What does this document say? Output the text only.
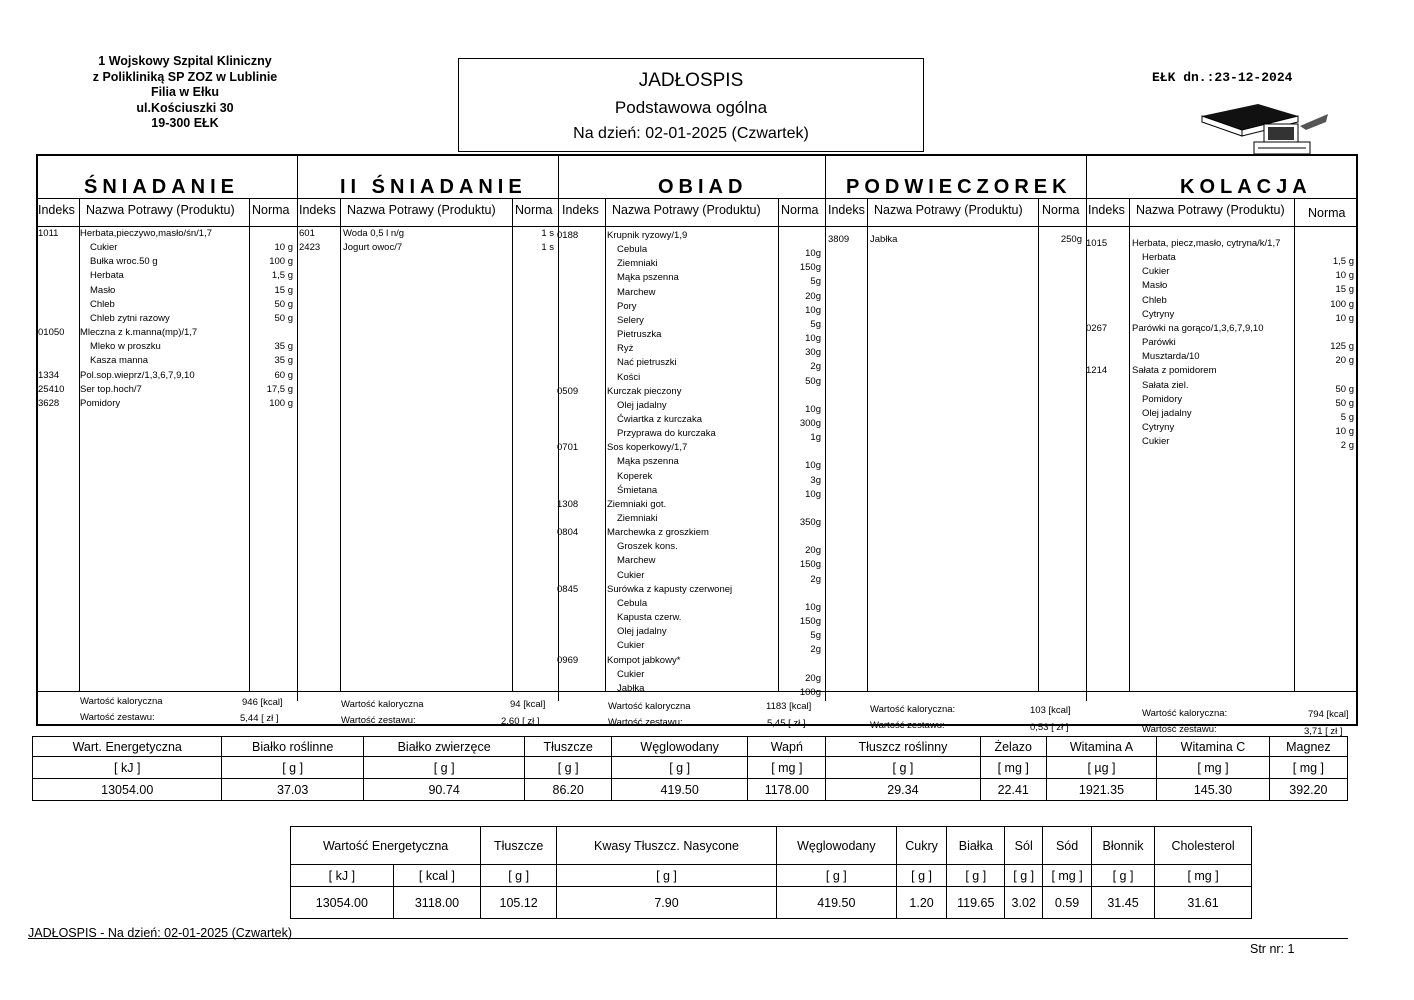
1 Wojskowy Szpital Kliniczny
z Polikliniką SP ZOZ w Lublinie
Filia w Ełku
ul.Kościuszki 30
19-300 EŁK
JADŁOSPIS
Podstawowa ogólna
Na dzień: 02-01-2025 (Czwartek)
EŁK dn.:23-12-2024
ŚNIADANIE
Indeks Nazwa Potrawy (Produktu) Norma
1011 Herbata,pieczywo,masło/śn/1,7
Cukier	10 g
Bułka wroc.50 g	100 g
Herbata	1,5 g
Masło	15 g
Chleb	50 g
Chleb zytni razowy	50 g
01050 Mleczna z k.manna(mp)/1,7
Mleko w proszku	35 g
Kasza manna	35 g
1334 Pol.sop.wieprz/1,3,6,7,9,10	60 g
25410 Ser top.hoch/7	17,5 g
3628 Pomidory	100 g
Wartość kaloryczna	946 [kcal]
Wartość zestawu:	5,44 [ zł ]
II ŚNIADANIE
Indeks Nazwa Potrawy (Produktu) Norma
601	Woda 0,5 l n/g	1 s
2423 Jogurt owoc/7	1 s
Wartość kaloryczna	94 [kcal]
Wartość zestawu:	2,60 [ zł ]
OBIAD
Indeks Nazwa Potrawy (Produktu) Norma
0188	Krupnik ryzowy/1,9
Cebula	10g
Ziemniaki	150g
Mąka pszenna	5g
Marchew	20g
Pory	10g
Selery	5g
Pietruszka	10g
Ryż	30g
Nać pietruszki	2g
Kości	50g
0509	Kurczak pieczony
Olej jadalny	10g
Ćwiartka z kurczaka	300g
Przyprawa do kurczaka	1g
0701	Sos koperkowy/1,7
Mąka pszenna	10g
Koperek	3g
Śmietana	10g
1308	Ziemniaki got.
Ziemniaki	350g
0804	Marchewka z groszkiem
Groszek kons.	20g
Marchew	150g
Cukier	2g
0845	Surówka z kapusty czerwonej
Cebula	10g
Kapusta czerw.	150g
Olej jadalny	5g
Cukier	2g
0969	Kompot jabkowy*
Cukier	20g
Jabłka	100g
Wartość kaloryczna	1183 [kcal]
Wartość zestawu:	5,45 [ zł ]
PODWIECZOREK
Indeks Nazwa Potrawy (Produktu) Norma
3809 Jabłka	250g
Wartość kaloryczna:	103 [kcal]
Wartość zestawu:	0,53 [ zł ]
KOLACJA
Indeks Nazwa Potrawy (Produktu) Norma
1015	Herbata, piecz,masło, cytryna/k/1,7
Herbata	1,5 g
Cukier	10 g
Masło	15 g
Chleb	100 g
Cytryny	10 g
0267	Parówki na gorąco/1,3,6,7,9,10
Parówki	125 g
Musztarda/10	20 g
1214	Sałata z pomidorem
Sałata ziel.	50 g
Pomidory	50 g
Olej jadalny	5 g
Cytryny	10 g
Cukier	2 g
Wartość kaloryczna:	794 [kcal]
Wartość zestawu:	3,71 [ zł ]
Wart. Energetyczna	Białko roślinne	Białko zwierzęce	Tłuszcze	Węglowodany	Wapń	Tłuszcz roślinny	Żelazo	Witamina A	Witamina C	Magnez
[ kJ ]	[ g ]	[ g ]	[ g ]	[ g ]	[ mg ]	[ g ]	[ mg ]	[ µg ]	[ mg ]	[ mg ]
13054.00	37.03	90.74	86.20	419.50	1178.00	29.34	22.41	1921.35	145.30	392.20
Wartość Energetyczna		Tłuszcze	Kwasy Tłuszcz. Nasycone	Węglowodany	Cukry	Białka	Sól	Sód	Błonnik	Cholesterol
[ kJ ]	[ kcal ]	[ g ]	[ g ]	[ g ]	[ g ]	[ g ]	[ g ]	[ mg ]	[ g ]	[ mg ]
13054.00	3118.00	105.12	7.90	419.50	1.20	119.65	3.02	0.59	31.45	31.61
JADŁOSPIS - Na dzień: 02-01-2025 (Czwartek)
Str nr: 1
